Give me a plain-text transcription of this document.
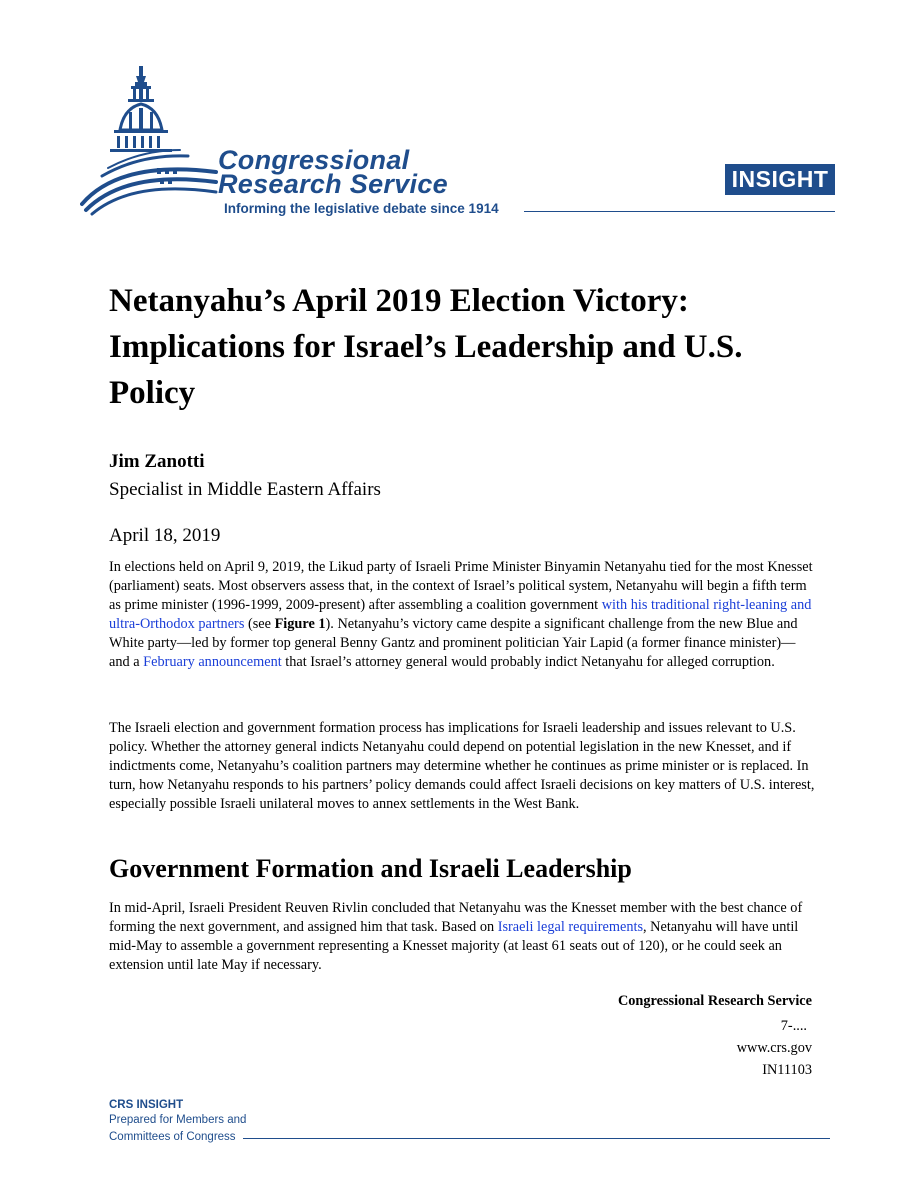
Congressional
Research Service
Informing the legislative debate since 1914
INSIGHT
Netanyahu’s April 2019 Election Victory: Implications for Israel’s Leadership and U.S. Policy
Jim Zanotti
Specialist in Middle Eastern Affairs
April 18, 2019

In elections held on April 9, 2019, the Likud party of Israeli Prime Minister Binyamin Netanyahu tied for the most Knesset (parliament) seats. Most observers assess that, in the context of Israel’s political system, Netanyahu will begin a fifth term as prime minister (1996-1999, 2009-present) after assembling a coalition government with his traditional right-leaning and ultra-Orthodox partners (see Figure 1). Netanyahu’s victory came despite a significant challenge from the new Blue and White party—led by former top general Benny Gantz and prominent politician Yair Lapid (a former finance minister)—and a February announcement that Israel’s attorney general would probably indict Netanyahu for alleged corruption.

The Israeli election and government formation process has implications for Israeli leadership and issues relevant to U.S. policy. Whether the attorney general indicts Netanyahu could depend on potential legislation in the new Knesset, and if indictments come, Netanyahu’s coalition partners may determine whether he continues as prime minister or is replaced. In turn, how Netanyahu responds to his partners’ policy demands could affect Israeli decisions on key matters of U.S. interest, especially possible Israeli unilateral moves to annex settlements in the West Bank.

Government Formation and Israeli Leadership

In mid-April, Israeli President Reuven Rivlin concluded that Netanyahu was the Knesset member with the best chance of forming the next government, and assigned him that task. Based on Israeli legal requirements, Netanyahu will have until mid-May to assemble a government representing a Knesset majority (at least 61 seats out of 120), or he could seek an extension until late May if necessary.

Congressional Research Service
7-....
www.crs.gov
IN11103
CRS INSIGHT
Prepared for Members and
Committees of Congress
